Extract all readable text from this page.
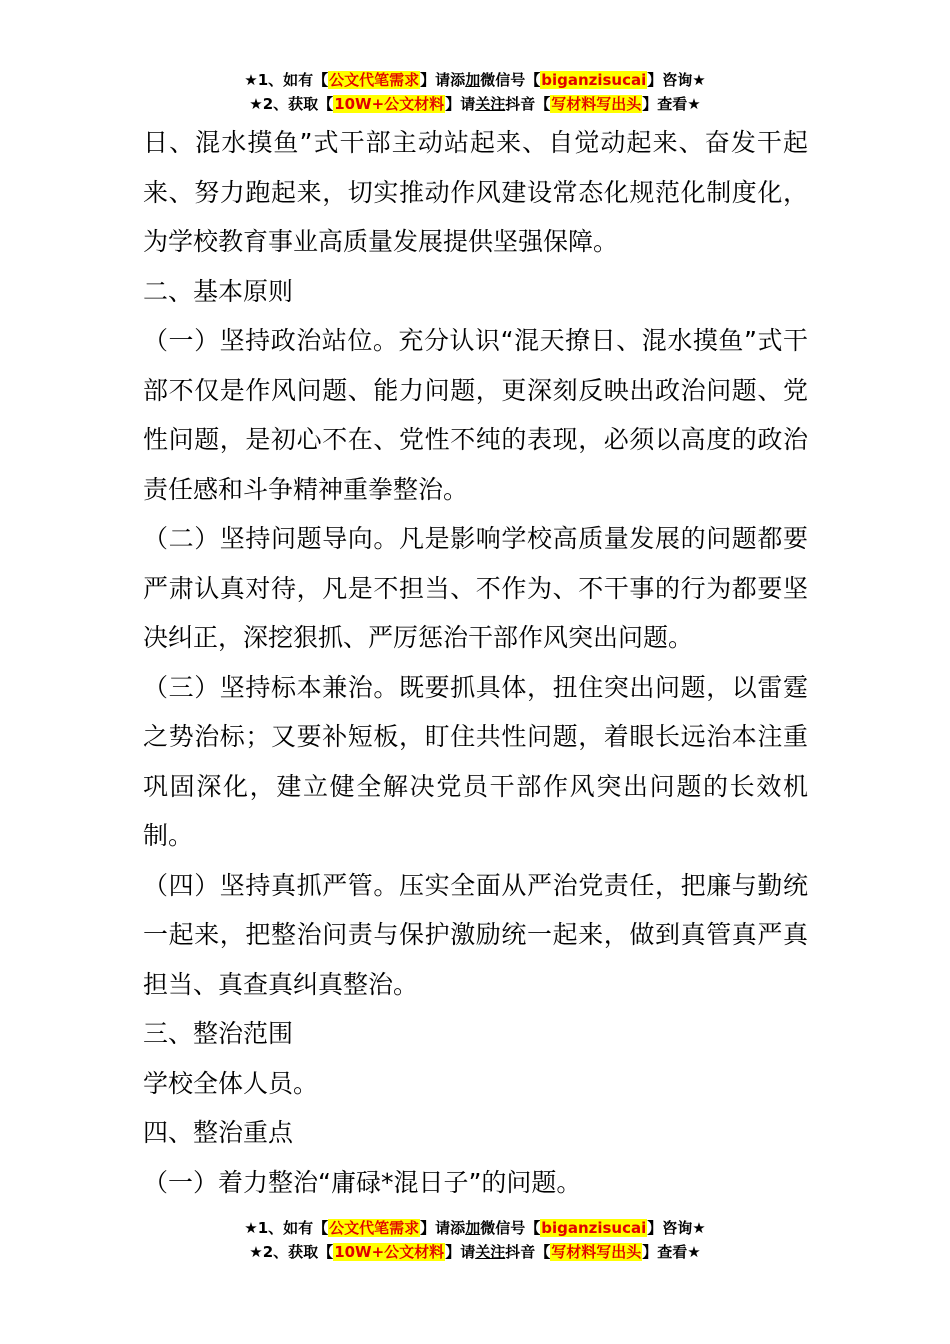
★1、如有【公文代笔需求】请添加微信号【biganzisucai】咨询★
★2、获取【10W+公文材料】请关注抖音【写材料写出头】查看★

日、混水摸鱼”式干部主动站起来、自觉动起来、奋发干起来、努力跑起来，切实推动作风建设常态化规范化制度化，为学校教育事业高质量发展提供坚强保障。

二、基本原则

（一）坚持政治站位。充分认识“混天撩日、混水摸鱼”式干部不仅是作风问题、能力问题，更深刻反映出政治问题、党性问题，是初心不在、党性不纯的表现，必须以高度的政治责任感和斗争精神重拳整治。

（二）坚持问题导向。凡是影响学校高质量发展的问题都要严肃认真对待，凡是不担当、不作为、不干事的行为都要坚决纠正，深挖狠抓、严厉惩治干部作风突出问题。

（三）坚持标本兼治。既要抓具体，扭住突出问题，以雷霆之势治标；又要补短板，盯住共性问题，着眼长远治本注重巩固深化，建立健全解决党员干部作风突出问题的长效机制。

（四）坚持真抓严管。压实全面从严治党责任，把廉与勤统一起来，把整治问责与保护激励统一起来，做到真管真严真担当、真查真纠真整治。

三、整治范围

学校全体人员。

四、整治重点

（一）着力整治“庸碌*混日子”的问题。

★1、如有【公文代笔需求】请添加微信号【biganzisucai】咨询★
★2、获取【10W+公文材料】请关注抖音【写材料写出头】查看★
